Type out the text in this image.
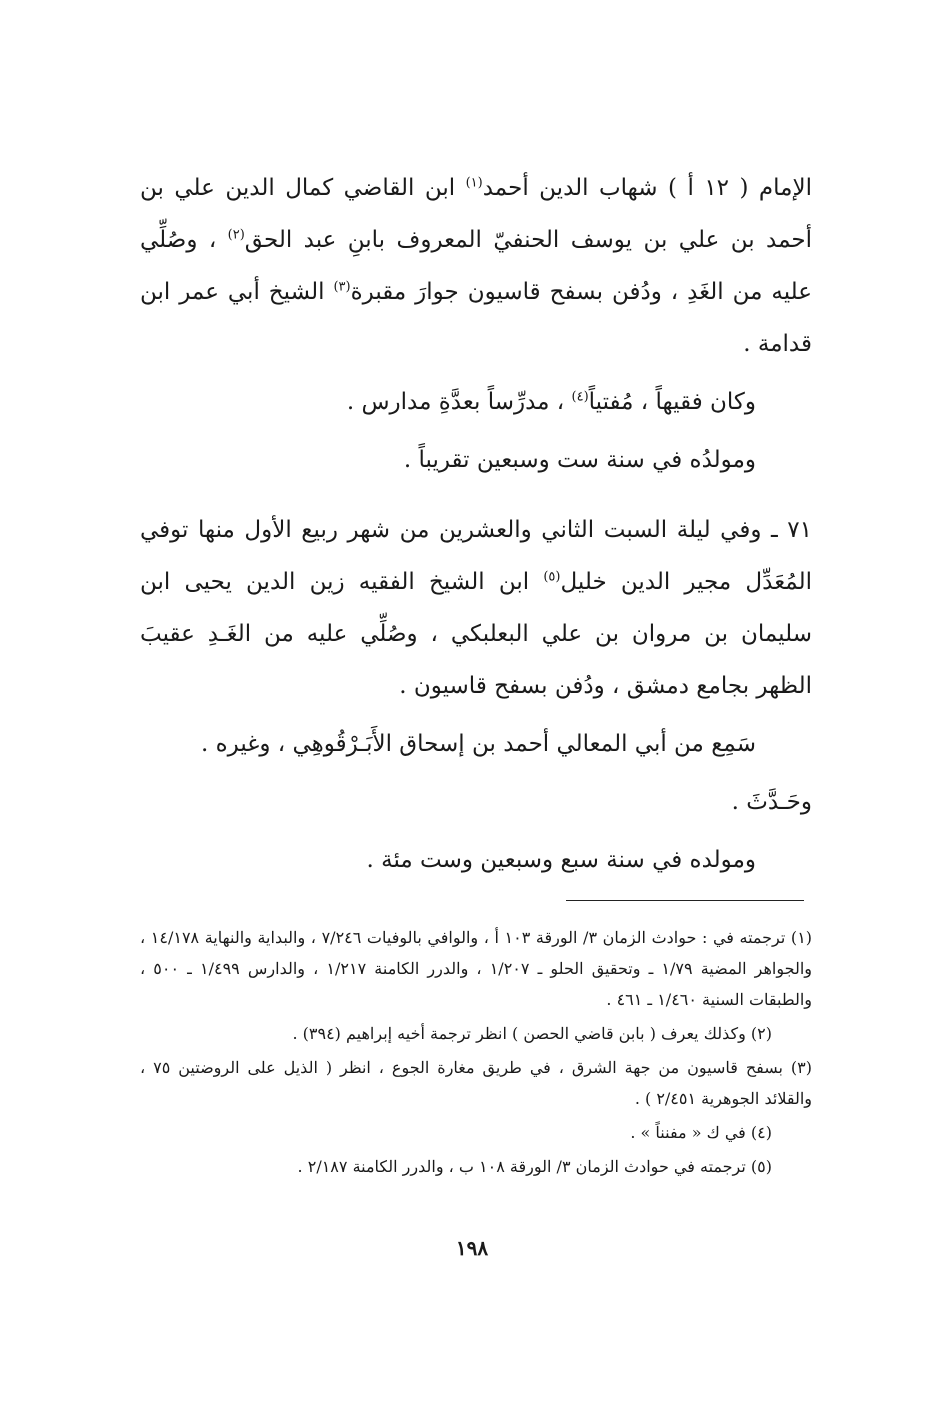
الإمام ( ١٢ أ ) شهاب الدين أحمد$^{(١)}$ ابن القاضي كمال الدين علي بن أحمد بن علي بن يوسف الحنفيّ المعروف بابنِ عبد الحق$^{(٢)}$ ، وصُلِّي عليه من الغَدِ ، ودُفن بسفح قاسيون جوارَ مقبرة$^{(٣)}$ الشيخ أبي عمر ابن قدامة .

وكان فقيهاً ، مُفتياً$^{(٤)}$ ، مدرِّساً بعدَّةِ مدارس .

ومولدُه في سنة ست وسبعين تقريباً .

٧١ ـ وفي ليلة السبت الثاني والعشرين من شهر ربيع الأول منها توفي المُعَدِّل مجير الدين خليل$^{(٥)}$ ابن الشيخ الفقيه زين الدين يحيى ابن سليمان بن مروان بن علي البعلبكي ، وصُلِّي عليه من الغَـدِ عقيبَ الظهر بجامع دمشق ، ودُفن بسفح قاسيون .

سَمِع من أبي المعالي أحمد بن إسحاق الأَبَـرْقُوهِي ، وغيره .

وحَـدَّثَ .

ومولده في سنة سبع وسبعين وست مئة .

(١) ترجمته في : حوادث الزمان ٣/ الورقة ١٠٣ أ ، والوافي بالوفيات ٧/٢٤٦ ، والبداية والنهاية ١٤/١٧٨ ، والجواهر المضية ١/٧٩ ـ وتحقيق الحلو ـ ١/٢٠٧ ، والدرر الكامنة ١/٢١٧ ، والدارس ١/٤٩٩ ـ ٥٠٠ ، والطبقات السنية ١/٤٦٠ ـ ٤٦١ .

(٢) وكذلك يعرف ( بابن قاضي الحصن ) انظر ترجمة أخيه إبراهيم (٣٩٤) .

(٣) بسفح قاسيون من جهة الشرق ، في طريق مغارة الجوع ، انظر ( الذيل على الروضتين ٧٥ ، والقلائد الجوهرية ٢/٤٥١ ) .

(٤) في ك « مفنناً » .

(٥) ترجمته في حوادث الزمان ٣/ الورقة ١٠٨ ب ، والدرر الكامنة ٢/١٨٧ .

١٩٨
